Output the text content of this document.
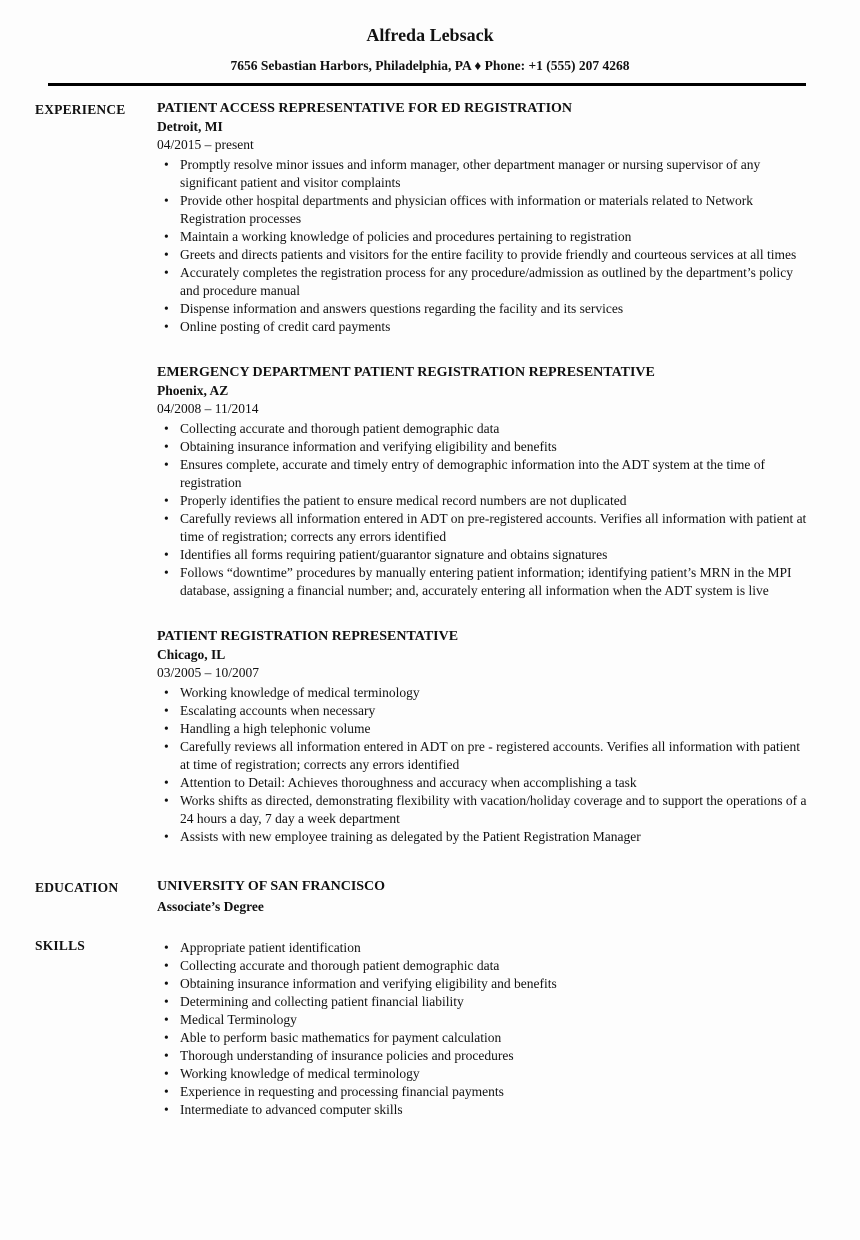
Alfreda Lebsack

7656 Sebastian Harbors, Philadelphia, PA ♦ Phone: +1 (555) 207 4268

EXPERIENCE	PATIENT ACCESS REPRESENTATIVE FOR ED REGISTRATION
Detroit, MI
04/2015 – present
• Promptly resolve minor issues and inform manager, other department manager or nursing supervisor of any significant patient and visitor complaints
• Provide other hospital departments and physician offices with information or materials related to Network Registration processes
• Maintain a working knowledge of policies and procedures pertaining to registration
• Greets and directs patients and visitors for the entire facility to provide friendly and courteous services at all times
• Accurately completes the registration process for any procedure/admission as outlined by the department’s policy and procedure manual
• Dispense information and answers questions regarding the facility and its services
• Online posting of credit card payments
EMERGENCY DEPARTMENT PATIENT REGISTRATION REPRESENTATIVE
Phoenix, AZ
04/2008 – 11/2014
• Collecting accurate and thorough patient demographic data
• Obtaining insurance information and verifying eligibility and benefits
• Ensures complete, accurate and timely entry of demographic information into the ADT system at the time of registration
• Properly identifies the patient to ensure medical record numbers are not duplicated
• Carefully reviews all information entered in ADT on pre-registered accounts. Verifies all information with patient at time of registration; corrects any errors identified
• Identifies all forms requiring patient/guarantor signature and obtains signatures
• Follows “downtime” procedures by manually entering patient information; identifying patient’s MRN in the MPI database, assigning a financial number; and, accurately entering all information when the ADT system is live
PATIENT REGISTRATION REPRESENTATIVE
Chicago, IL
03/2005 – 10/2007
• Working knowledge of medical terminology
• Escalating accounts when necessary
• Handling a high telephonic volume
• Carefully reviews all information entered in ADT on pre - registered accounts. Verifies all information with patient at time of registration; corrects any errors identified
• Attention to Detail: Achieves thoroughness and accuracy when accomplishing a task
• Works shifts as directed, demonstrating flexibility with vacation/holiday coverage and to support the operations of a 24 hours a day, 7 day a week department
• Assists with new employee training as delegated by the Patient Registration Manager
EDUCATION	UNIVERSITY OF SAN FRANCISCO
Associate’s Degree
SKILLS	• Appropriate patient identification
• Collecting accurate and thorough patient demographic data
• Obtaining insurance information and verifying eligibility and benefits
• Determining and collecting patient financial liability
• Medical Terminology
• Able to perform basic mathematics for payment calculation
• Thorough understanding of insurance policies and procedures
• Working knowledge of medical terminology
• Experience in requesting and processing financial payments
• Intermediate to advanced computer skills
